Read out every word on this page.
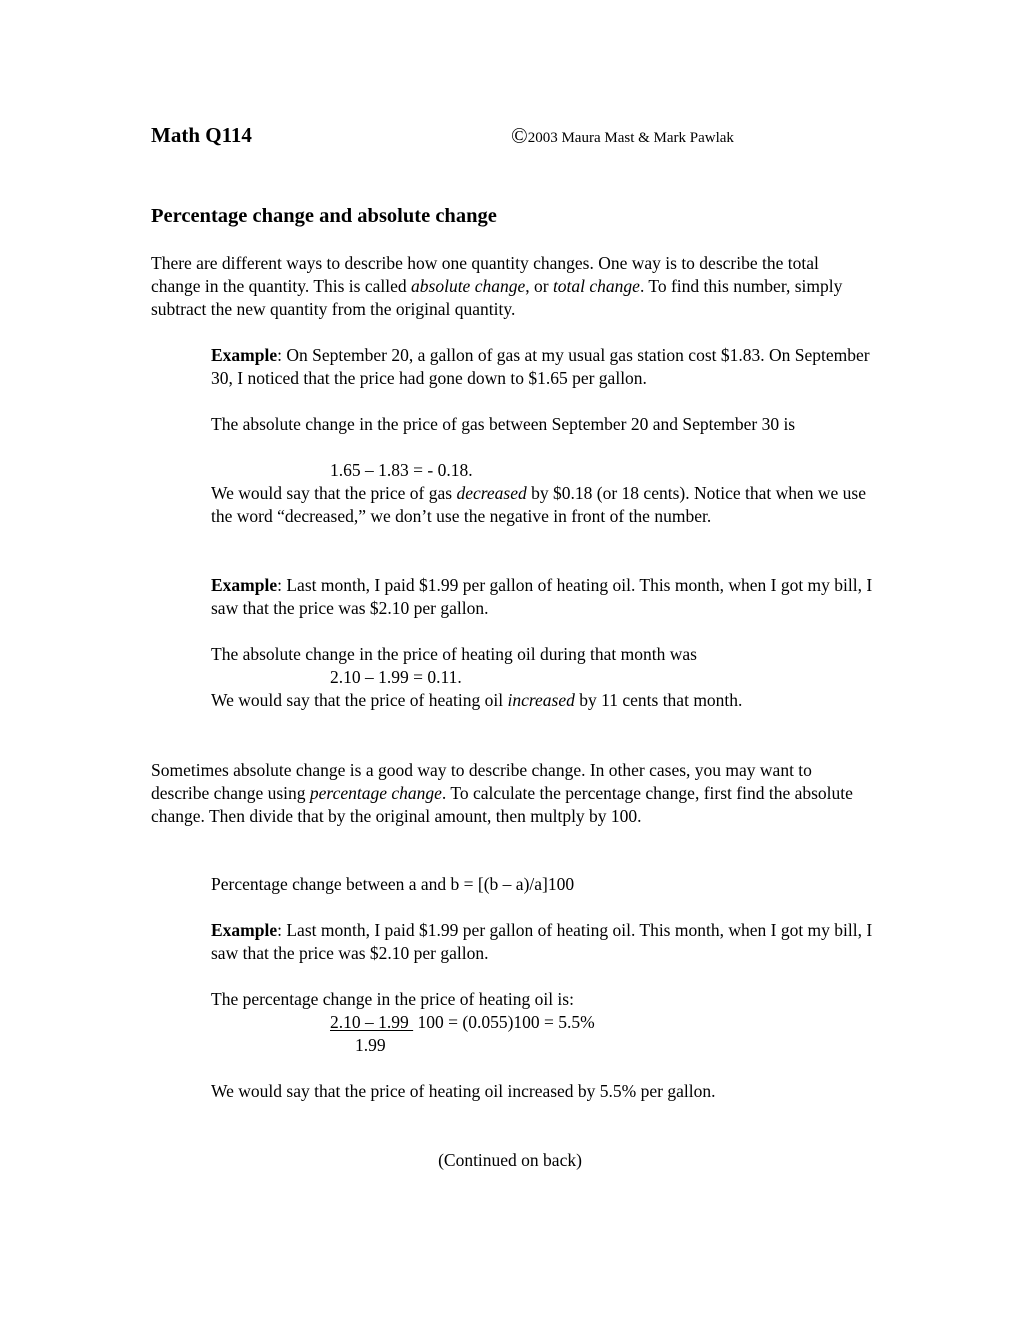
Math Q114	©2003 Maura Mast & Mark Pawlak
Percentage change and absolute change
There are different ways to describe how one quantity changes. One way is to describe the total change in the quantity. This is called absolute change, or total change. To find this number, simply subtract the new quantity from the original quantity.
Example: On September 20, a gallon of gas at my usual gas station cost $1.83. On September 30, I noticed that the price had gone down to $1.65 per gallon.
The absolute change in the price of gas between September 20 and September 30 is
1.65 – 1.83 = - 0.18.
We would say that the price of gas decreased by $0.18 (or 18 cents). Notice that when we use the word “decreased,” we don’t use the negative in front of the number.
Example: Last month, I paid $1.99 per gallon of heating oil. This month, when I got my bill, I saw that the price was $2.10 per gallon.
The absolute change in the price of heating oil during that month was
2.10 – 1.99 = 0.11.
We would say that the price of heating oil increased by 11 cents that month.
Sometimes absolute change is a good way to describe change. In other cases, you may want to describe change using percentage change. To calculate the percentage change, first find the absolute change. Then divide that by the original amount, then multply by 100.
Percentage change between a and b = [(b – a)/a]100
Example: Last month, I paid $1.99 per gallon of heating oil. This month, when I got my bill, I saw that the price was $2.10 per gallon.
The percentage change in the price of heating oil is:
2.10 – 1.99  100 = (0.055)100 = 5.5%
1.99
We would say that the price of heating oil increased by 5.5% per gallon.
(Continued on back)
